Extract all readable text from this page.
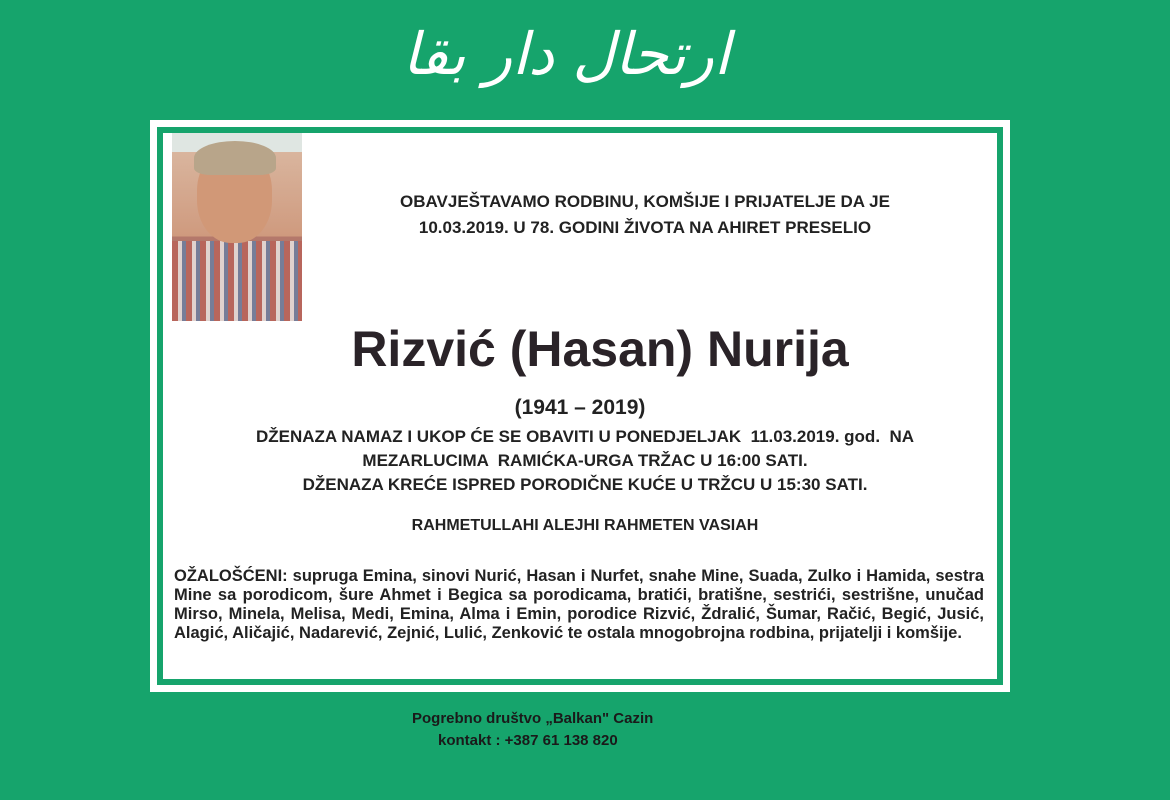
ارتحال دار بقا
OBAVJEŠTAVAMO RODBINU, KOMŠIJE I PRIJATELJE DA JE
10.03.2019. U 78. GODINI ŽIVOTA NA AHIRET PRESELIO
Rizvić (Hasan) Nurija
(1941 – 2019)
DŽENAZA NAMAZ I UKOP ĆE SE OBAVITI U PONEDJELJAK  11.03.2019. god.  NA
MEZARLUCIMA  RAMIĆKA-URGA TRŽAC U 16:00 SATI.
DŽENAZA KREĆE ISPRED PORODIČNE KUĆE U TRŽCU U 15:30 SATI.
RAHMETULLAHI ALEJHI RAHMETEN VASIAH
OŽALOŠĆENI: supruga Emina, sinovi Nurić, Hasan i Nurfet, snahe Mine, Suada, Zulko i Hamida, sestra Mine sa porodicom, šure Ahmet i Begica sa porodicama, bratići, bratišne, sestrići, sestrišne, unučad Mirso, Minela, Melisa, Medi, Emina, Alma i Emin, porodice Rizvić, Ždralić, Šumar, Račić, Begić, Jusić, Alagić, Aličajić, Nadarević, Zejnić, Lulić, Zenković te ostala mnogobrojna rodbina, prijatelji i komšije.
Pogrebno društvo „Balkan" Cazin
kontakt : +387 61 138 820
